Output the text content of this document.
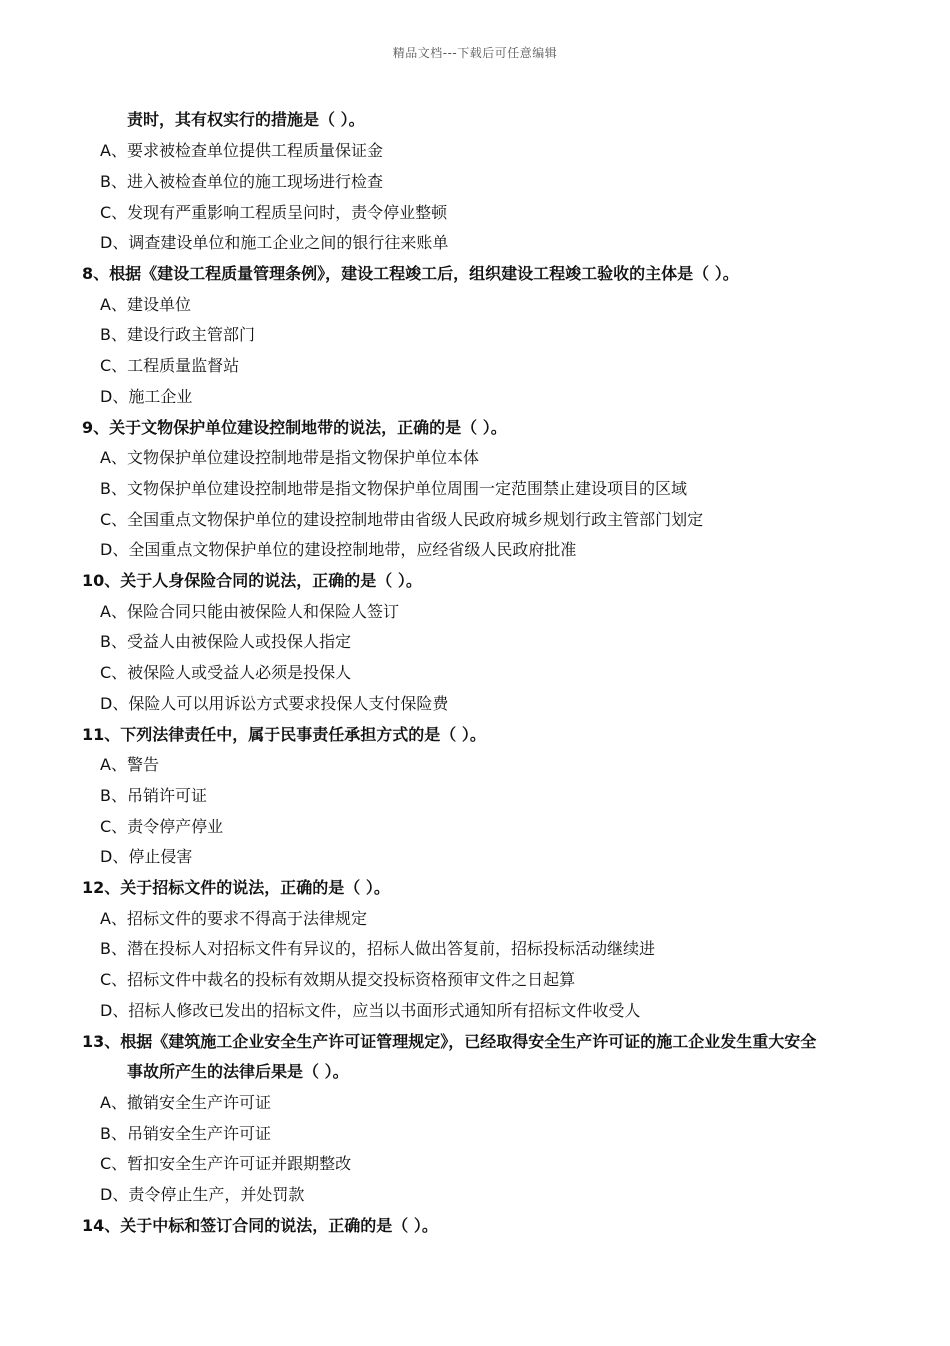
精品文档---下载后可任意编辑
责时，其有权实行的措施是（ ）。
A、要求被检查单位提供工程质量保证金
B、进入被检查单位的施工现场进行检查
C、发现有严重影响工程质呈问时，责令停业整顿
D、调查建设单位和施工企业之间的银行往来账单
8、根据《建设工程质量管理条例》，建设工程竣工后，组织建设工程竣工验收的主体是（ ）。
A、建设单位
B、建设行政主管部门
C、工程质量监督站
D、施工企业
9、关于文物保护单位建设控制地带的说法，正确的是（ ）。
A、文物保护单位建设控制地带是指文物保护单位本体
B、文物保护单位建设控制地带是指文物保护单位周围一定范围禁止建设项目的区域
C、全国重点文物保护单位的建设控制地带由省级人民政府城乡规划行政主管部门划定
D、全国重点文物保护单位的建设控制地带，应经省级人民政府批准
10、关于人身保险合同的说法，正确的是（ ）。
A、保险合同只能由被保险人和保险人签订
B、受益人由被保险人或投保人指定
C、被保险人或受益人必须是投保人
D、保险人可以用诉讼方式要求投保人支付保险费
11、下列法律责任中，属于民事责任承担方式的是（ ）。
A、警告
B、吊销许可证
C、责令停产停业
D、停止侵害
12、关于招标文件的说法，正确的是（ ）。
A、招标文件的要求不得高于法律规定
B、潜在投标人对招标文件有异议的，招标人做出答复前，招标投标活动继续进
C、招标文件中裁名的投标有效期从提交投标资格预审文件之日起算
D、招标人修改已发出的招标文件，应当以书面形式通知所有招标文件收受人
13、根据《建筑施工企业安全生产许可证管理规定》，已经取得安全生产许可证的施工企业发生重大安全
事故所产生的法律后果是（ ）。
A、撤销安全生产许可证
B、吊销安全生产许可证
C、暂扣安全生产许可证并跟期整改
D、责令停止生产，并处罚款
14、关于中标和签订合同的说法，正确的是（ ）。
